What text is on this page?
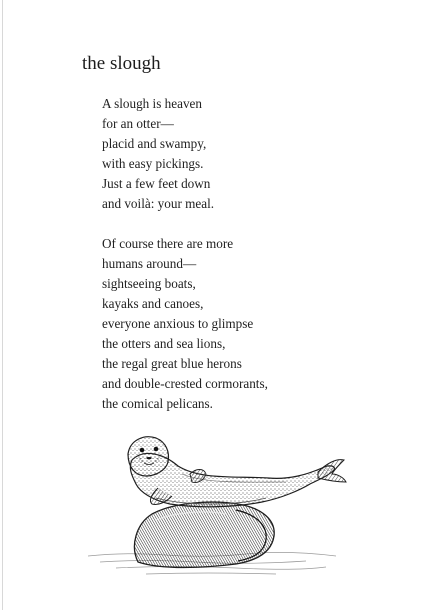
the slough
A slough is heaven
for an otter—
placid and swampy,
with easy pickings.
Just a few feet down
and voilà: your meal.
Of course there are more
humans around—
sightseeing boats,
kayaks and canoes,
everyone anxious to glimpse
the otters and sea lions,
the regal great blue herons
and double-crested cormorants,
the comical pelicans.
